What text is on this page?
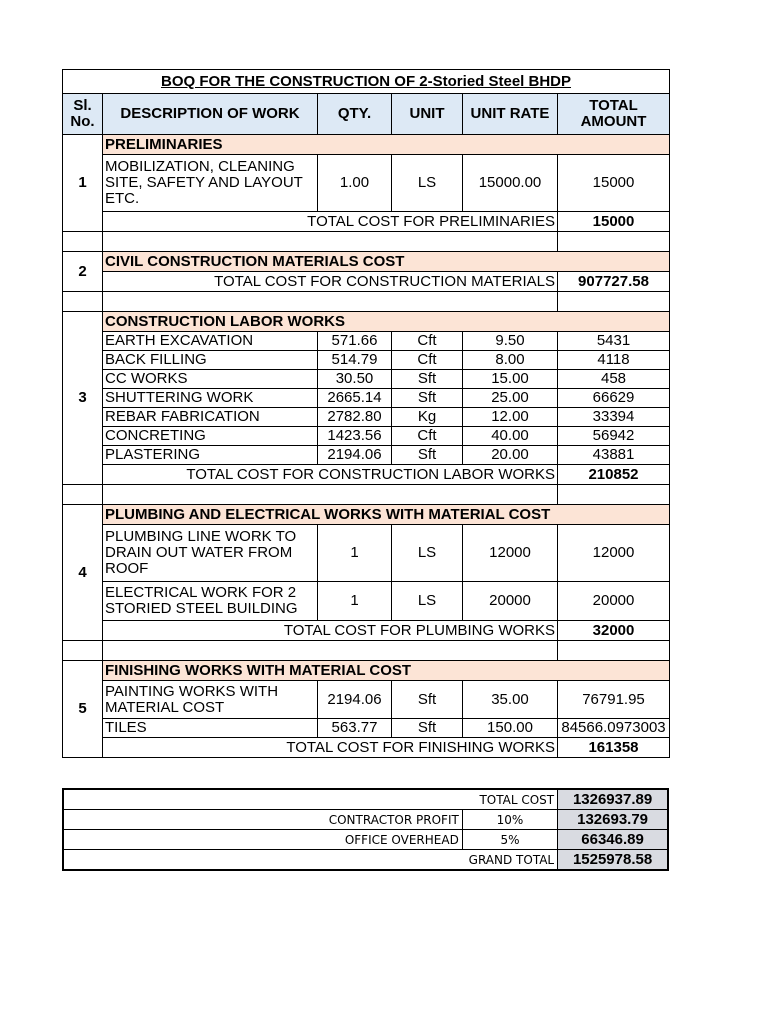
BOQ FOR THE CONSTRUCTION OF 2-Storied Steel BHDP					
Sl. No.	DESCRIPTION OF WORK	QTY.	UNIT	UNIT RATE	TOTAL AMOUNT
1	PRELIMINARIES				
	MOBILIZATION, CLEANING SITE, SAFETY AND LAYOUT ETC.	1.00	LS	15000.00	15000
	TOTAL COST FOR PRELIMINARIES				15000

2	CIVIL CONSTRUCTION MATERIALS COST				
	TOTAL COST FOR CONSTRUCTION MATERIALS				907727.58

3	CONSTRUCTION LABOR WORKS				
	EARTH EXCAVATION	571.66	Cft	9.50	5431
	BACK FILLING	514.79	Cft	8.00	4118
	CC WORKS	30.50	Sft	15.00	458
	SHUTTERING WORK	2665.14	Sft	25.00	66629
	REBAR FABRICATION	2782.80	Kg	12.00	33394
	CONCRETING	1423.56	Cft	40.00	56942
	PLASTERING	2194.06	Sft	20.00	43881
	TOTAL COST FOR CONSTRUCTION LABOR WORKS				210852

4	PLUMBING AND ELECTRICAL WORKS WITH MATERIAL COST				
	PLUMBING LINE WORK TO DRAIN OUT WATER FROM ROOF	1	LS	12000	12000
	ELECTRICAL WORK FOR 2 STORIED STEEL BUILDING	1	LS	20000	20000
	TOTAL COST FOR PLUMBING WORKS				32000

5	FINISHING WORKS WITH MATERIAL COST				
	PAINTING WORKS WITH MATERIAL COST	2194.06	Sft	35.00	76791.95
	TILES	563.77	Sft	150.00	84566.0973003
	TOTAL COST FOR FINISHING WORKS				161358
TOTAL COST		1326937.89
CONTRACTOR PROFIT	10%	132693.79
OFFICE OVERHEAD	5%	66346.89
GRAND TOTAL		1525978.58
